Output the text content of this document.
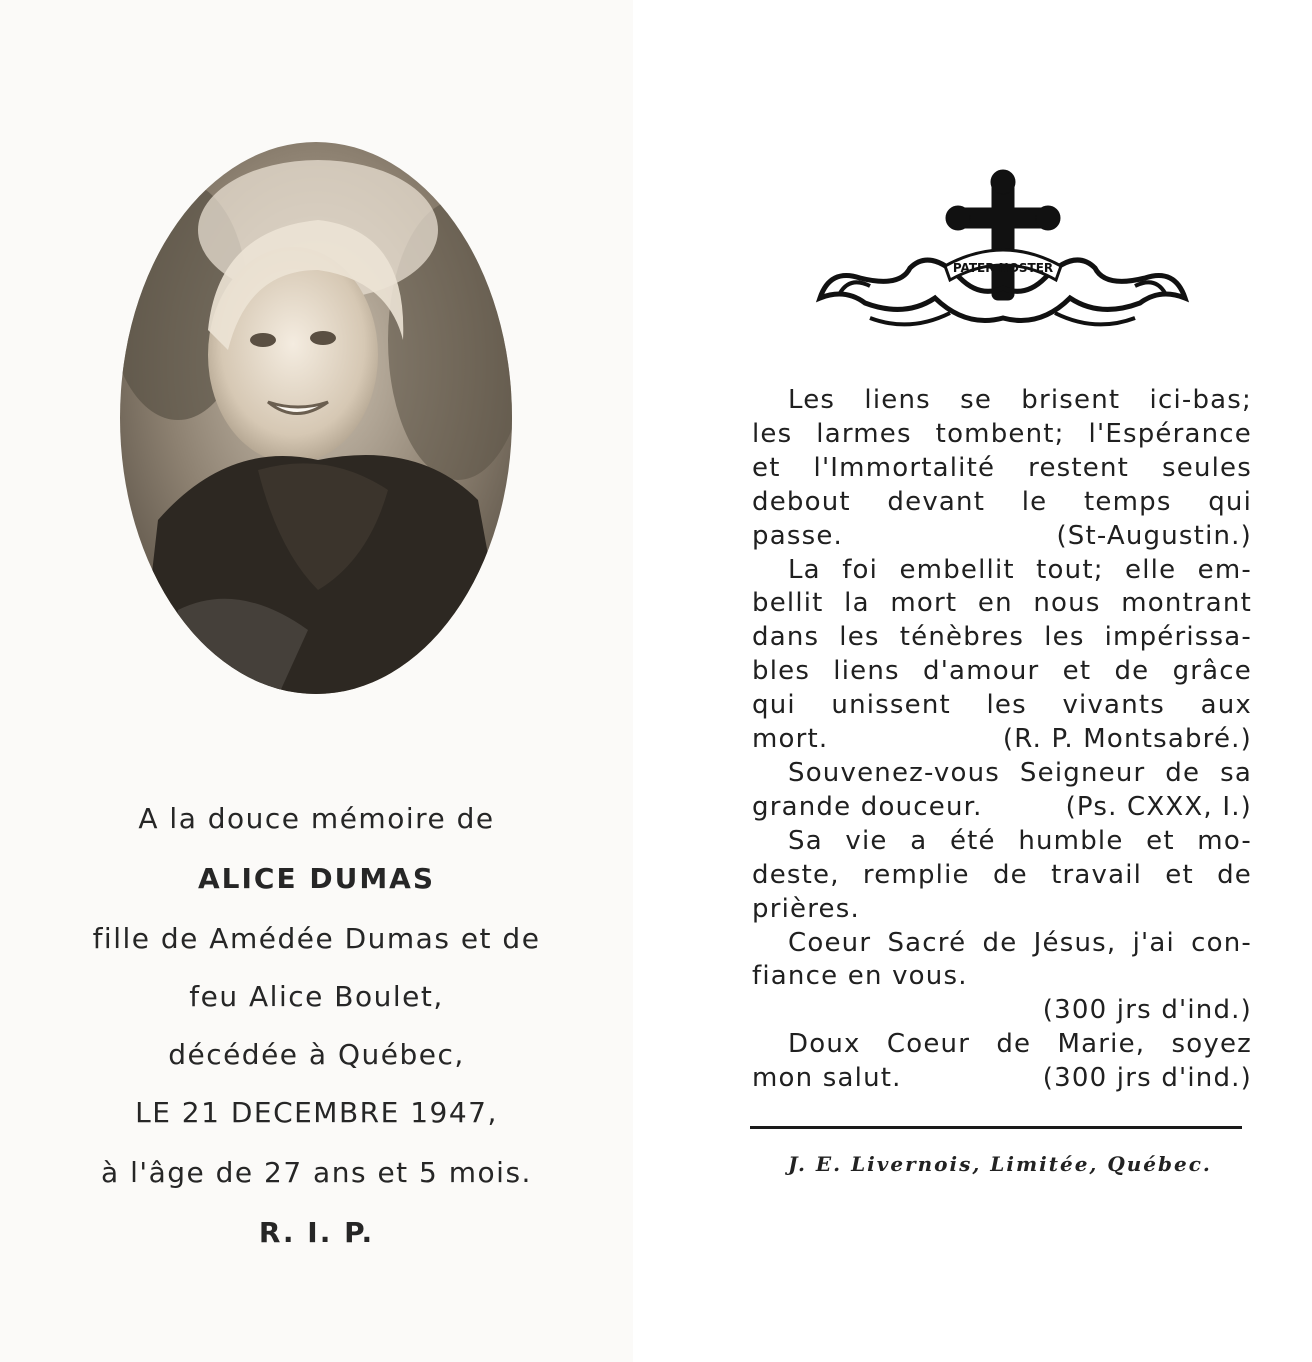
A la douce mémoire de
ALICE DUMAS
fille de Amédée Dumas et de
feu Alice Boulet,
décédée à Québec,
LE 21 DECEMBRE 1947,
à l'âge de 27 ans et 5 mois.
R. I. P.
PATER NOSTER
Les liens se brisent ici-bas;
les larmes tombent; l'Espérance
et l'Immortalité restent seules
debout devant le temps qui
passe.	(St-Augustin.)
La foi embellit tout; elle em-
bellit la mort en nous montrant
dans les ténèbres les impérissa-
bles liens d'amour et de grâce
qui unissent les vivants aux
mort.	(R. P. Montsabré.)
Souvenez-vous Seigneur de sa
grande douceur.	(Ps. CXXX, I.)
Sa vie a été humble et mo-
deste, remplie de travail et de
prières.
Coeur Sacré de Jésus, j'ai con-
fiance en vous.
(300 jrs d'ind.)
Doux Coeur de Marie, soyez
mon salut.	(300 jrs d'ind.)
J. E. Livernois, Limitée, Québec.
